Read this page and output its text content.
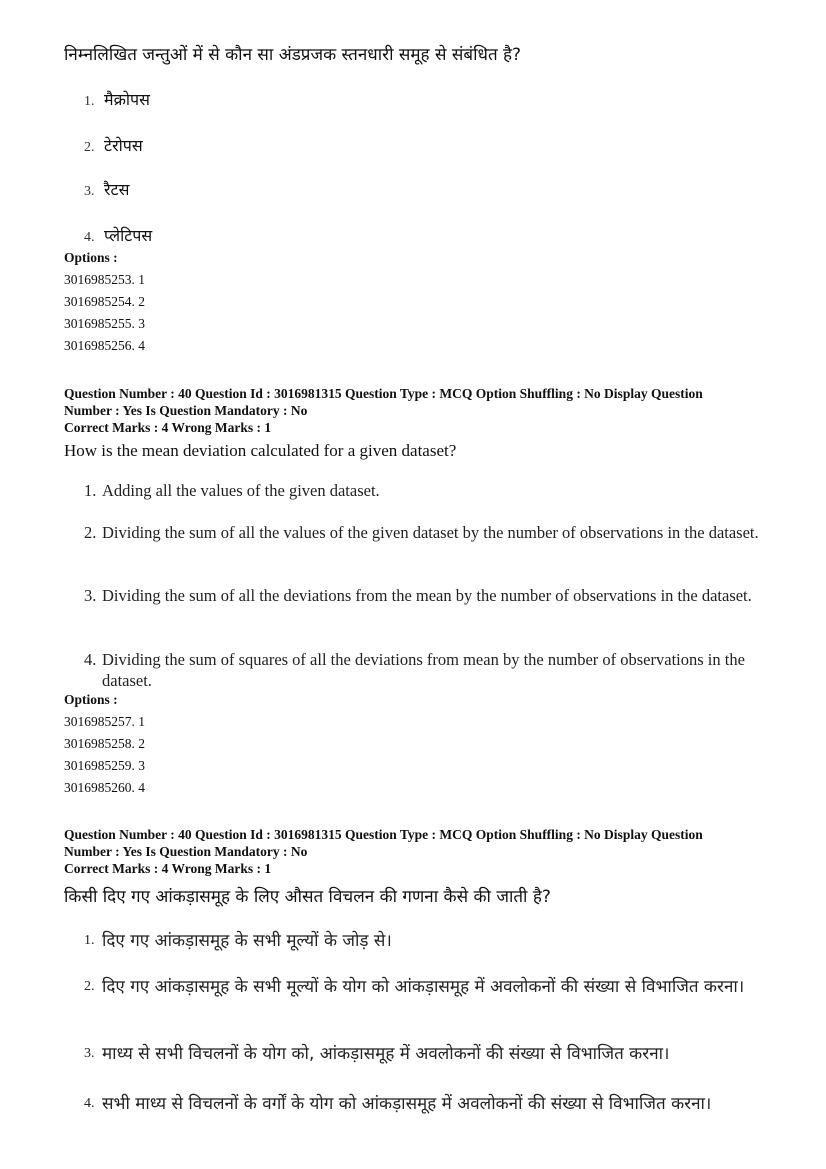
निम्नलिखित जन्तुओं में से कौन सा अंडप्रजक स्तनधारी समूह से संबंधित है?
1. मैक्रोपस
2. टेरोपस
3. रैटस
4. प्लेटिपस
Options :
3016985253. 1
3016985254. 2
3016985255. 3
3016985256. 4
Question Number : 40 Question Id : 3016981315 Question Type : MCQ Option Shuffling : No Display Question
Number : Yes Is Question Mandatory : No
Correct Marks : 4 Wrong Marks : 1
How is the mean deviation calculated for a given dataset?
1. Adding all the values of the given dataset.
2. Dividing the sum of all the values of the given dataset by the number of observations in the dataset.
3. Dividing the sum of all the deviations from the mean by the number of observations in the dataset.
4. Dividing the sum of squares of all the deviations from mean by the number of observations in the dataset.
Options :
3016985257. 1
3016985258. 2
3016985259. 3
3016985260. 4
Question Number : 40 Question Id : 3016981315 Question Type : MCQ Option Shuffling : No Display Question
Number : Yes Is Question Mandatory : No
Correct Marks : 4 Wrong Marks : 1
किसी दिए गए आंकड़ासमूह के लिए औसत विचलन की गणना कैसे की जाती है?
1. दिए गए आंकड़ासमूह के सभी मूल्यों के जोड़ से।
2. दिए गए आंकड़ासमूह के सभी मूल्यों के योग को आंकड़ासमूह में अवलोकनों की संख्या से विभाजित करना।
3. माध्य से सभी विचलनों के योग को, आंकड़ासमूह में अवलोकनों की संख्या से विभाजित करना।
4. सभी माध्य से विचलनों के वर्गों के योग को आंकड़ासमूह में अवलोकनों की संख्या से विभाजित करना।
